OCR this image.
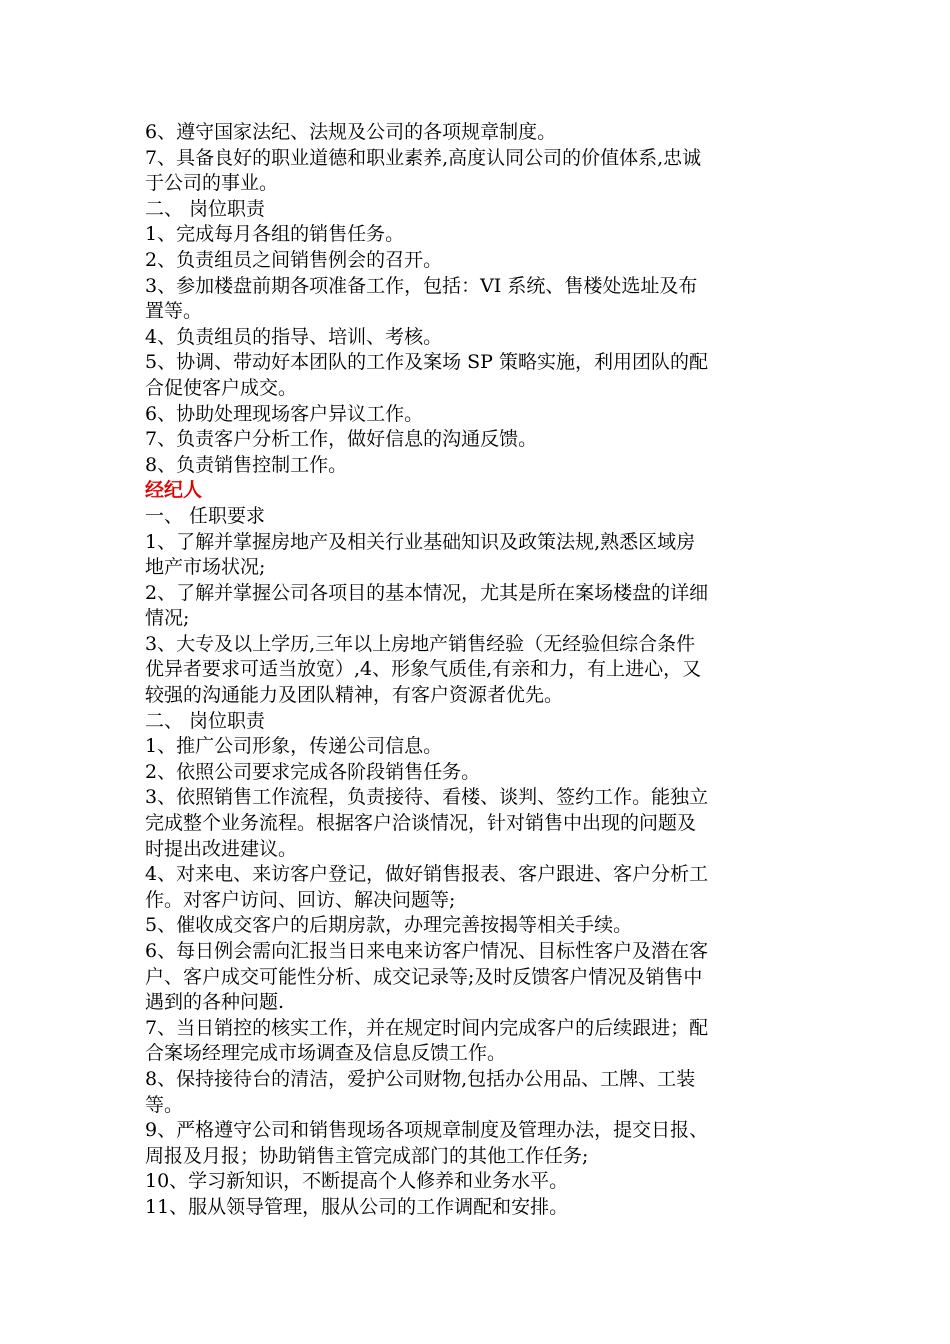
6、遵守国家法纪、法规及公司的各项规章制度。

7、具备良好的职业道德和职业素养,高度认同公司的价值体系,忠诚

于公司的事业。

二、 岗位职责

1、完成每月各组的销售任务。

2、负责组员之间销售例会的召开。

3、参加楼盘前期各项准备工作，包括：VI 系统、售楼处选址及布

置等。

4、负责组员的指导、培训、考核。

5、协调、带动好本团队的工作及案场 SP 策略实施，利用团队的配

合促使客户成交。

6、协助处理现场客户异议工作。

7、负责客户分析工作，做好信息的沟通反馈。

8、负责销售控制工作。

经纪人

一、 任职要求

1、了解并掌握房地产及相关行业基础知识及政策法规,熟悉区域房

地产市场状况;

2、了解并掌握公司各项目的基本情况，尤其是所在案场楼盘的详细

情况;

3、大专及以上学历,三年以上房地产销售经验（无经验但综合条件

优异者要求可适当放宽）,4、形象气质佳,有亲和力，有上进心，又

较强的沟通能力及团队精神，有客户资源者优先。

二、 岗位职责

1、推广公司形象，传递公司信息。

2、依照公司要求完成各阶段销售任务。

3、依照销售工作流程，负责接待、看楼、谈判、签约工作。能独立

完成整个业务流程。根据客户洽谈情况，针对销售中出现的问题及

时提出改进建议。

4、对来电、来访客户登记，做好销售报表、客户跟进、客户分析工

作。对客户访问、回访、解决问题等;

5、催收成交客户的后期房款，办理完善按揭等相关手续。

6、每日例会需向汇报当日来电来访客户情况、目标性客户及潜在客

户、客户成交可能性分析、成交记录等;及时反馈客户情况及销售中

遇到的各种问题.

7、当日销控的核实工作，并在规定时间内完成客户的后续跟进；配

合案场经理完成市场调查及信息反馈工作。

8、保持接待台的清洁，爱护公司财物,包括办公用品、工牌、工装

等。

9、严格遵守公司和销售现场各项规章制度及管理办法，提交日报、

周报及月报；协助销售主管完成部门的其他工作任务;

10、学习新知识，不断提高个人修养和业务水平。

11、服从领导管理，服从公司的工作调配和安排。
